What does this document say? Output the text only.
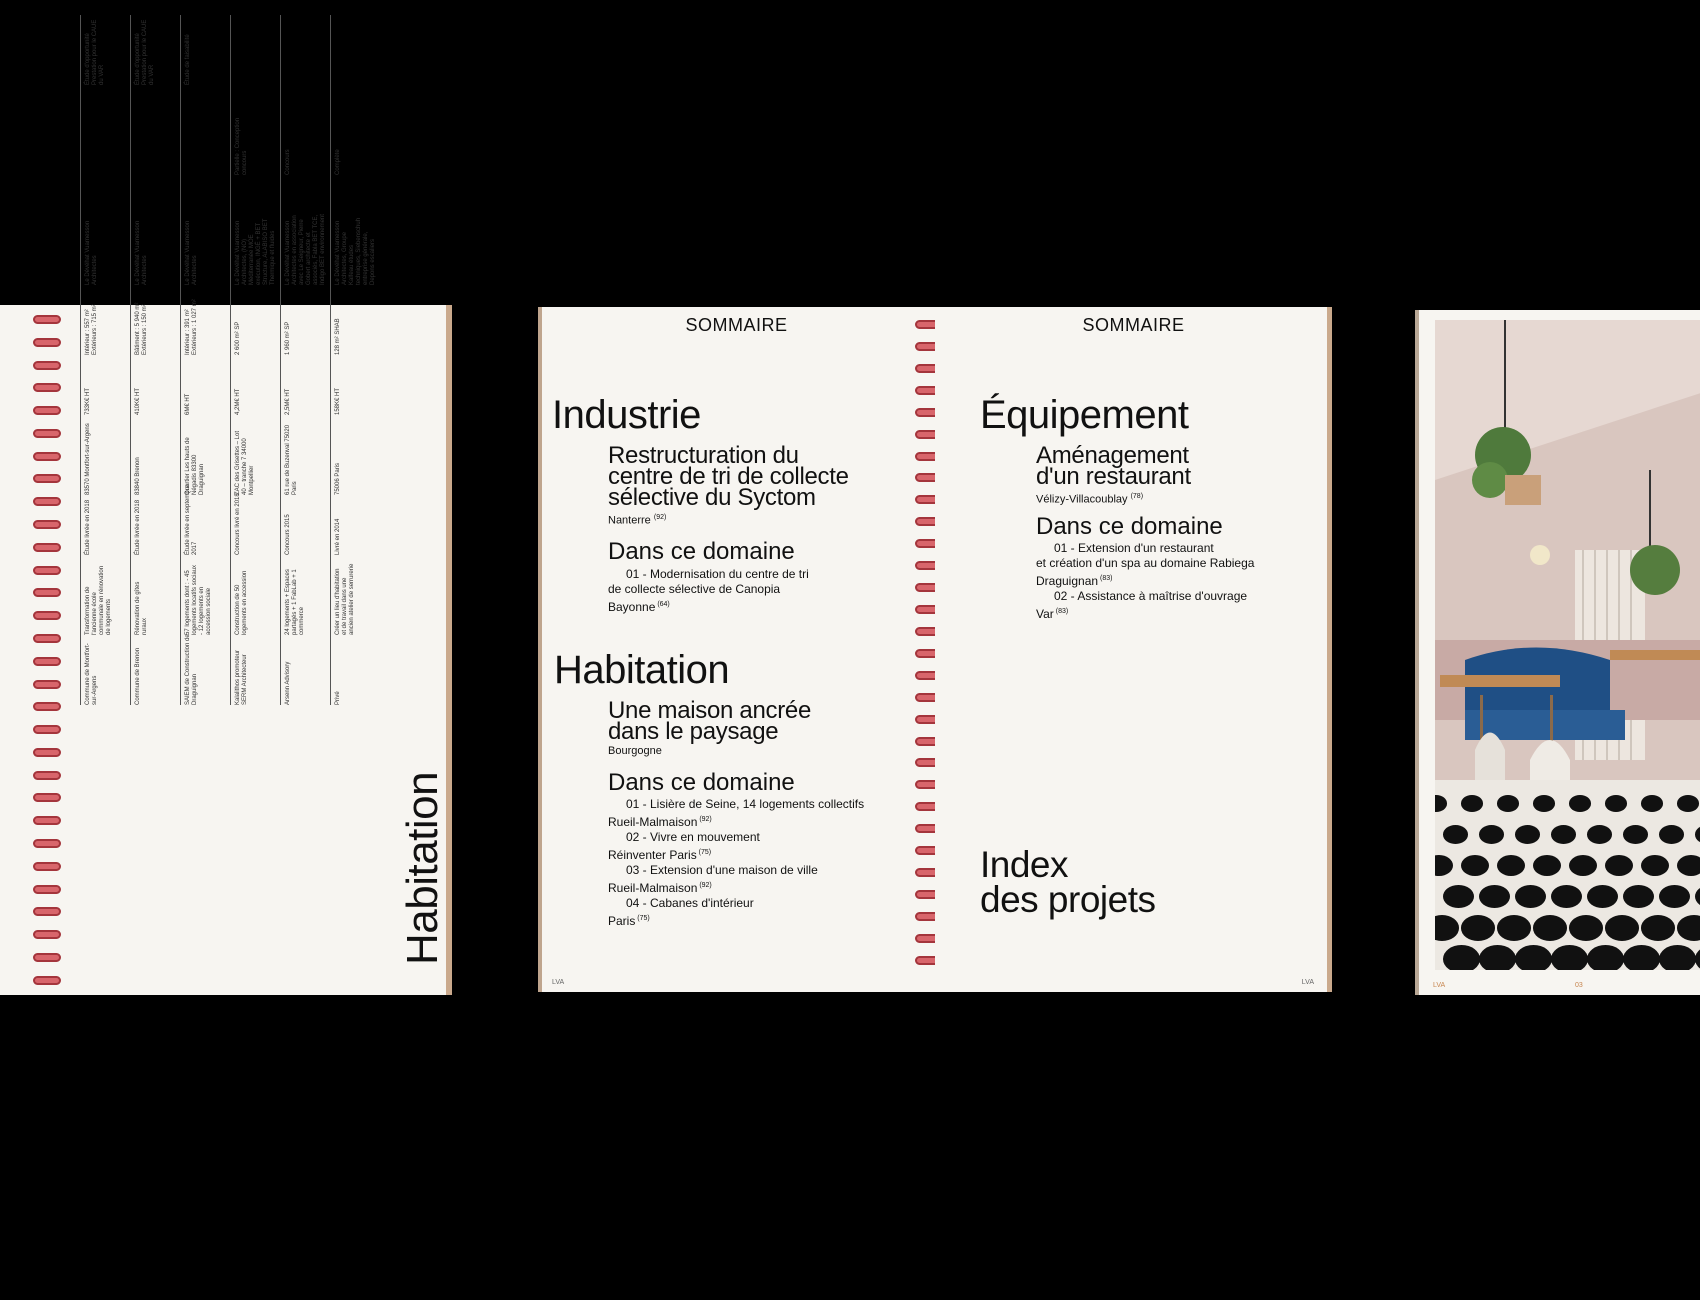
Commune de Montfort-sur-Argens
Transformation de l'ancienne école communale en rénovation de logements
Étude livrée en 2018
83570 Montfort-sur-Argens
733K€ HT
Intérieur : 557 m² Extérieurs : 715 m²
Le Dévéhat Vuarnesson Architectes
Étude d'opportunité Prestation pour le CAUE du VAR
Commune de Brenon
Rénovation de gîtes ruraux
Étude livrée en 2018
83840 Brenon
410K€ HT
Bâtiment : 5 940 m² Extérieurs : 150 m²
Le Dévéhat Vuarnesson Architectes
Étude d'opportunité Prestation pour le CAUE du VAR
SAIEM de Construction de Draguignan
57 logements dont : - 45 logements locatifs sociaux - 12 logements en accession sociale
Étude livrée en septembre 2017
Quartier Les hauts de Négadis 83300 Draguignan
6M€ HT
Intérieur : 391 m² Extérieurs : 1 027 m²
Le Dévéhat Vuarnesson Architectes
Étude de faisabilité
Kalalithos promoteur SERM Architecteur
Construction de 50 logements en accession
Concours livré en 2018
ZAC des Grisettes – Lot 40 – tranche 7 34000 Montpellier
4,2M€ HT
2 600 m² SP
Le Dévéhat Vuarnesson Architectes, (NO) Méditerranée MOE exécution, INGÉ + BET Structure, ALABISO BET Thermique et fluides
Partielle : Conception concours
Arsenn Advisory
24 logements + Espaces partagés + 1 FabLab + 1 commerce
Concours 2015
61 rue de Buzenval 75020 Paris
2,5M€ HT
1 960 m² SP
Le Dévéhat Vuarnesson Architectes en association avec Le Seigneur, Pierre Gobert architecte et associés, Fabla BET TCE, Indigo BET environnement
Concours
Privé
Créer un lieu d'habitation et de travail dans une ancien atelier de serrurerie
Livré en 2014
75006 Paris
158K€ HT
128 m² SHAB
Le Dévéhat Vuarnesson Architectes, Groupe Kalfeau études techniques, Siebenschuh entreprise générale, Depons escaliers
Complète
Habitation
SOMMAIRE
Industrie
Restructuration du
centre de tri de collecte
sélective du Syctom
Nanterre $^{(92)}$
Dans ce domaine
01 - Modernisation du centre de tri
de collecte sélective de Canopia
Bayonne $^{(64)}$
Habitation
Une maison ancrée
dans le paysage
Bourgogne
Dans ce domaine
01 - Lisière de Seine, 14 logements collectifs
Rueil-Malmaison $^{(92)}$
02 - Vivre en mouvement
Réinventer Paris $^{(75)}$
03 - Extension d'une maison de ville
Rueil-Malmaison $^{(92)}$
04 - Cabanes d'intérieur
Paris $^{(75)}$
LVA
SOMMAIRE
Équipement
Aménagement
d'un restaurant
Vélizy-Villacoublay $^{(78)}$
Dans ce domaine
01 - Extension d'un restaurant
et création d'un spa au domaine Rabiega
Draguignan $^{(83)}$
02 - Assistance à maîtrise d'ouvrage
Var $^{(83)}$
Index
des projets
LVA	LVA	03
